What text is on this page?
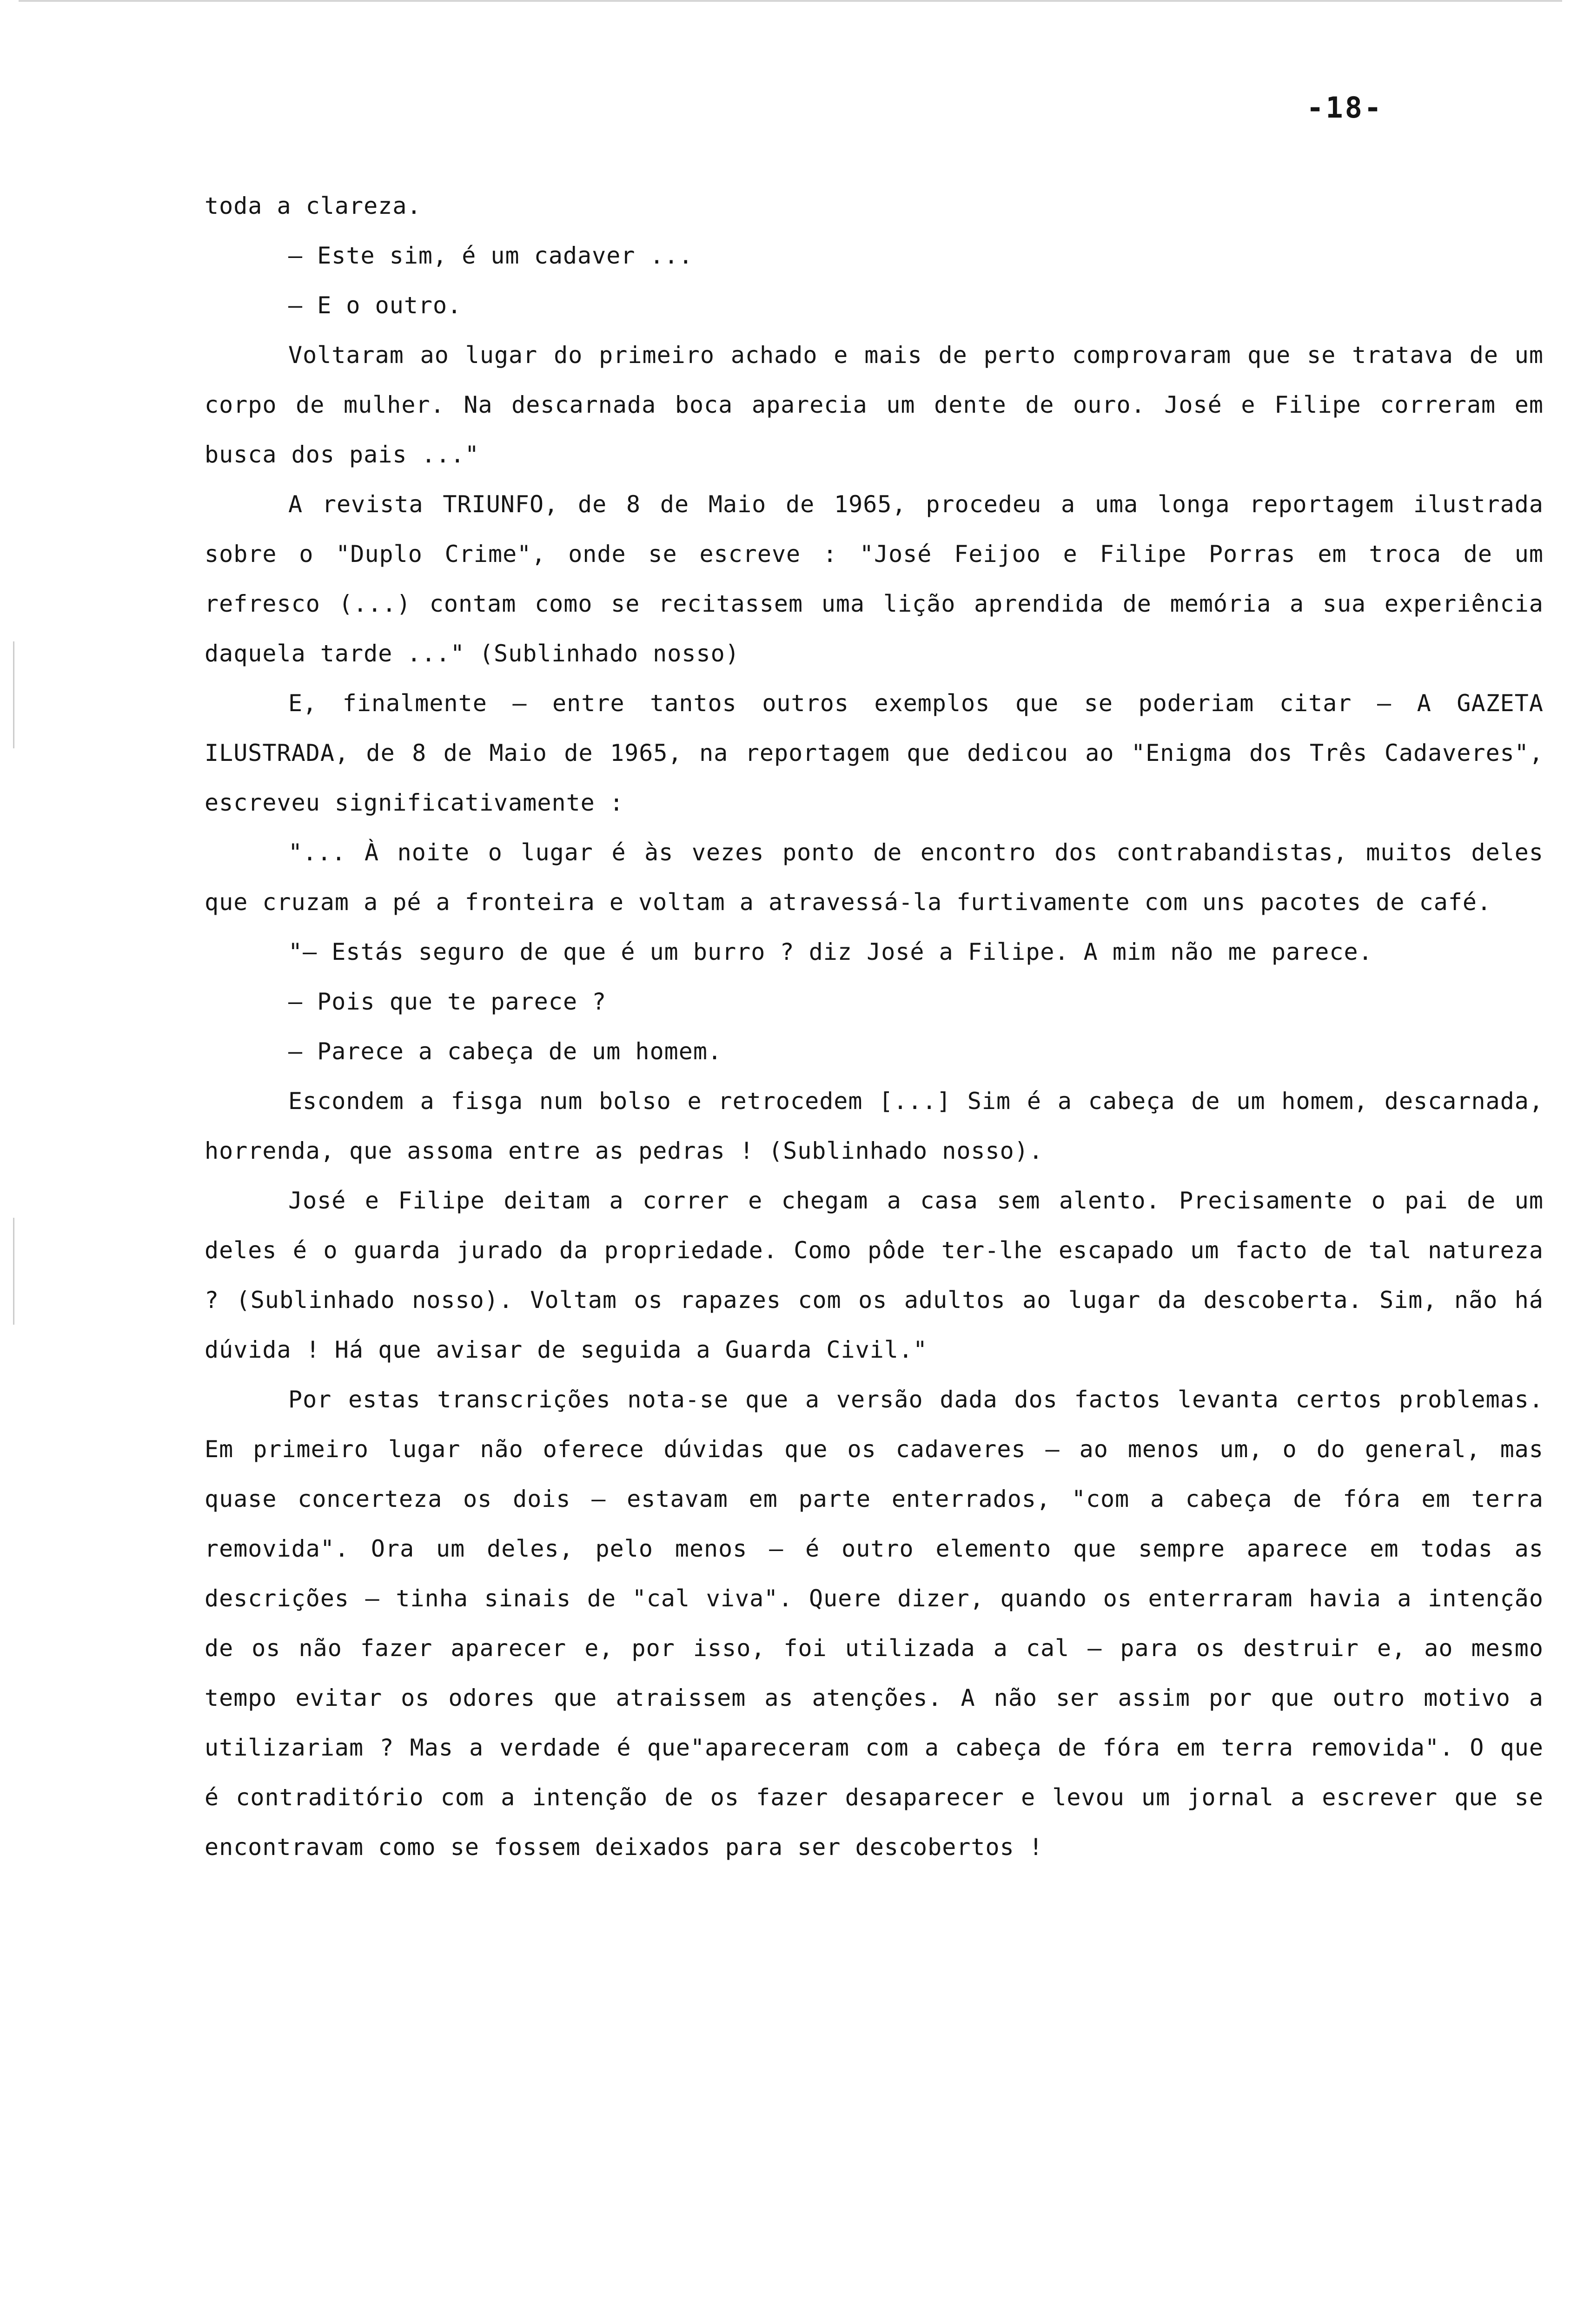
-18-

toda a clareza.

– Este sim, é um cadaver ...

– E o outro.

Voltaram ao lugar do primeiro achado e mais de perto comprovaram que se tratava de um corpo de mulher. Na descarnada boca aparecia um dente de ouro. José e Filipe correram em busca dos pais ..."

A revista TRIUNFO, de 8 de Maio de 1965, procedeu a uma longa reportagem ilustrada sobre o "Duplo Crime", onde se escreve : "José Feijoo e Filipe Porras em troca de um refresco (...) contam como se recitassem uma lição aprendida de memória a sua experiência daquela tarde ..." (Sublinhado nosso)

E, finalmente – entre tantos outros exemplos que se poderiam citar – A GAZETA ILUSTRADA, de 8 de Maio de 1965, na reportagem que dedicou ao "Enigma dos Três Cadaveres", escreveu significativamente :

"... À noite o lugar é às vezes ponto de encontro dos contrabandistas, muitos deles que cruzam a pé a fronteira e voltam a atravessá-la furtivamente com uns pacotes de café.

"– Estás seguro de que é um burro ? diz José a Filipe. A mim não me parece.

– Pois que te parece ?

– Parece a cabeça de um homem.

Escondem a fisga num bolso e retrocedem [...] Sim é a cabeça de um homem, descarnada, horrenda, que assoma entre as pedras ! (Sublinhado nosso).

José e Filipe deitam a correr e chegam a casa sem alento. Precisamente o pai de um deles é o guarda jurado da propriedade. Como pôde ter-lhe escapado um facto de tal natureza ? (Sublinhado nosso). Voltam os rapazes com os adultos ao lugar da descoberta. Sim, não há dúvida ! Há que avisar de seguida a Guarda Civil."

Por estas transcrições nota-se que a versão dada dos factos levanta certos problemas. Em primeiro lugar não oferece dúvidas que os cadaveres – ao menos um, o do general, mas quase concerteza os dois – estavam em parte enterrados, "com a cabeça de fóra em terra removida". Ora um deles, pelo menos – é outro elemento que sempre aparece em todas as descrições – tinha sinais de "cal viva". Quere dizer, quando os enterraram havia a intenção de os não fazer aparecer e, por isso, foi utilizada a cal – para os destruir e, ao mesmo tempo evitar os odores que atraissem as atenções. A não ser assim por que outro motivo a utilizariam ? Mas a verdade é que"apareceram com a cabeça de fóra em terra removida". O que é contraditório com a intenção de os fazer desaparecer e levou um jornal a escrever que se encontravam como se fossem deixados para ser descobertos !
